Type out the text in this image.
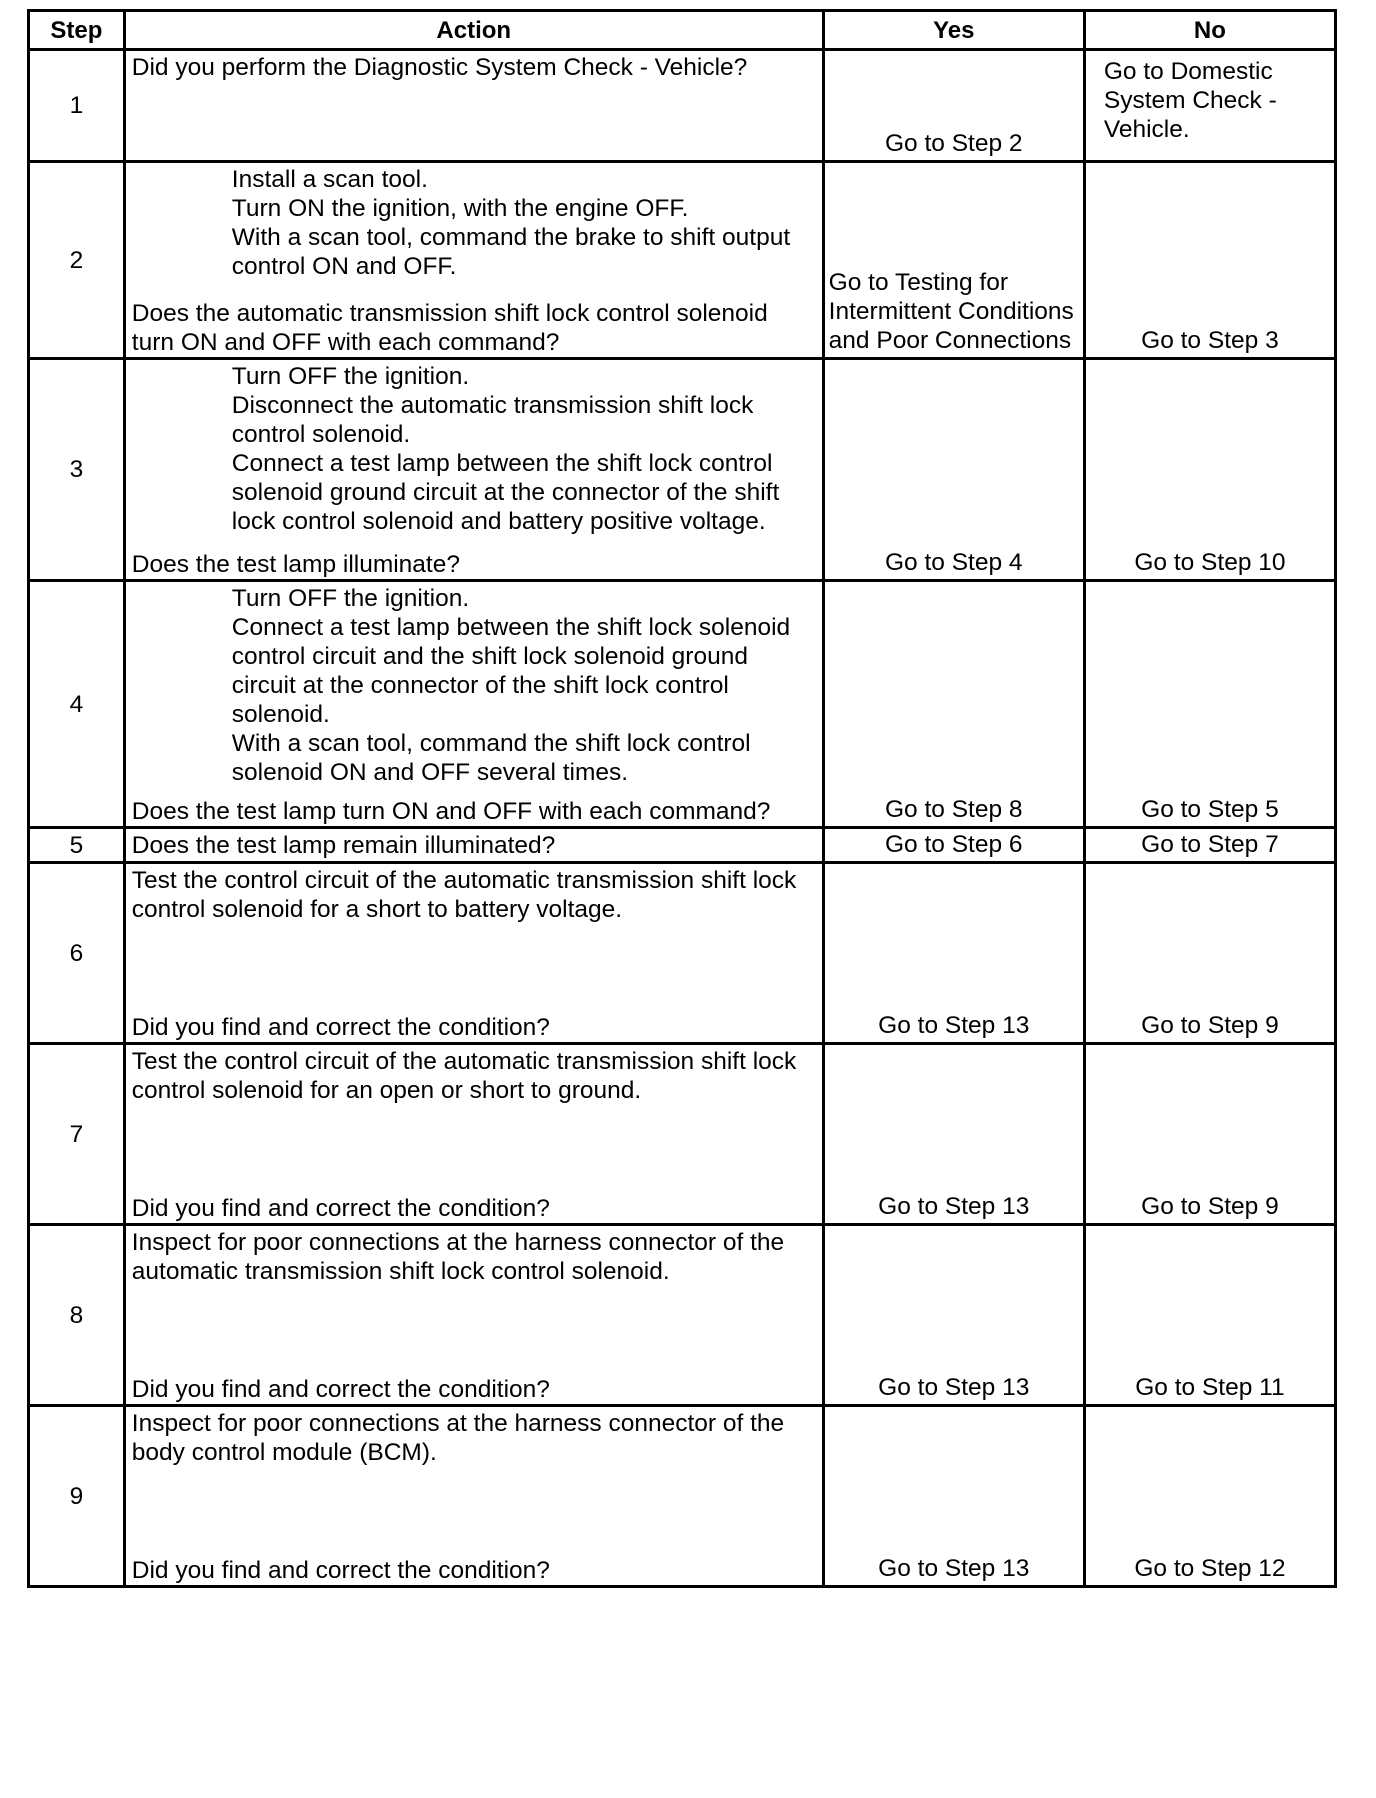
Step	Action	Yes	No
1	Did you perform the Diagnostic System Check - Vehicle?	Go to Step 2	Go to Domestic System Check - Vehicle.

2	Install a scan tool.
Turn ON the ignition, with the engine OFF.
With a scan tool, command the brake to shift output control ON and OFF.
Does the automatic transmission shift lock control solenoid turn ON and OFF with each command?	Go to Testing for Intermittent Conditions and Poor Connections	Go to Step 3

3	Turn OFF the ignition.
Disconnect the automatic transmission shift lock control solenoid.
Connect a test lamp between the shift lock control solenoid ground circuit at the connector of the shift lock control solenoid and battery positive voltage.
Does the test lamp illuminate?	Go to Step 4	Go to Step 10

4	Turn OFF the ignition.
Connect a test lamp between the shift lock solenoid control circuit and the shift lock solenoid ground circuit at the connector of the shift lock control solenoid.
With a scan tool, command the shift lock control solenoid ON and OFF several times.
Does the test lamp turn ON and OFF with each command?	Go to Step 8	Go to Step 5

5	Does the test lamp remain illuminated?	Go to Step 6	Go to Step 7

6	Test the control circuit of the automatic transmission shift lock control solenoid for a short to battery voltage.
Did you find and correct the condition?	Go to Step 13	Go to Step 9

7	Test the control circuit of the automatic transmission shift lock control solenoid for an open or short to ground.
Did you find and correct the condition?	Go to Step 13	Go to Step 9

8	Inspect for poor connections at the harness connector of the automatic transmission shift lock control solenoid.
Did you find and correct the condition?	Go to Step 13	Go to Step 11

9	Inspect for poor connections at the harness connector of the body control module (BCM).
Did you find and correct the condition?	Go to Step 13	Go to Step 12
